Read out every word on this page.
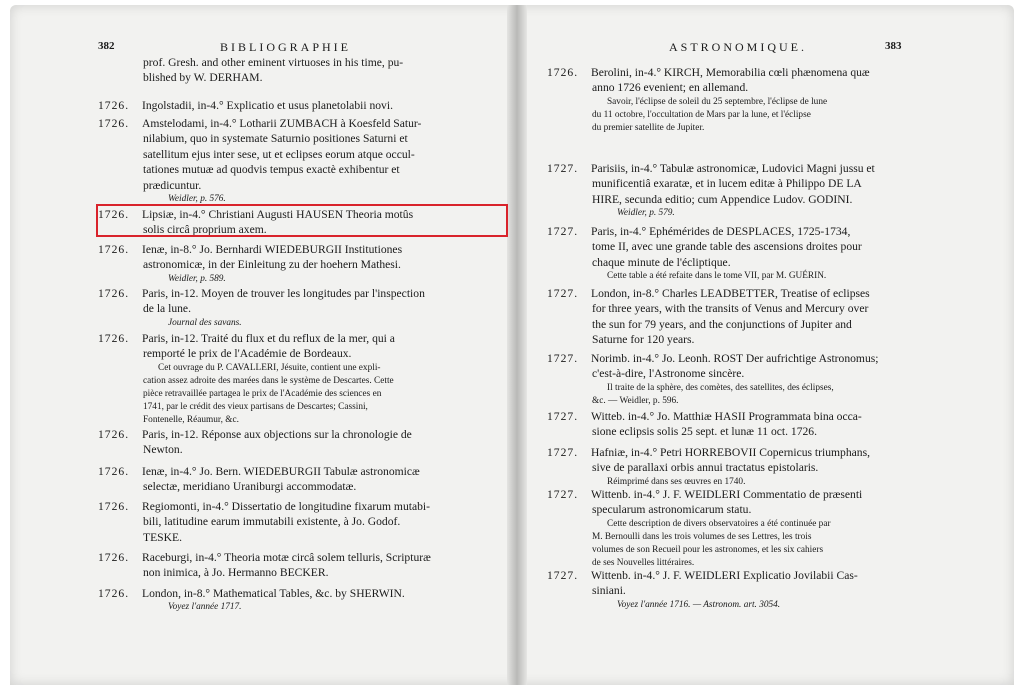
382	BIBLIOGRAPHIE
prof. Gresh. and other eminent virtuoses in his time, pu-
blished by W. DERHAM.
1726. Ingolstadii, in-4.° Explicatio et usus planetolabii novi.
1726. Amstelodami, in-4.° Lotharii ZUMBACH à Koesfeld Satur-
nilabium, quo in systemate Saturnio positiones Saturni et
satellitum ejus inter sese, ut et eclipses eorum atque occul-
tationes mutuæ ad quodvis tempus exactè exhibentur et
prædicuntur.
Weidler, p. 576.
1726. Lipsiæ, in-4.° Christiani Augusti HAUSEN Theoria motûs
solis circâ proprium axem.
1726. Ienæ, in-8.° Jo. Bernhardi WIEDEBURGII Institutiones
astronomicæ, in der Einleitung zu der hoehern Mathesi.
Weidler, p. 589.
1726. Paris, in-12. Moyen de trouver les longitudes par l'inspection
de la lune.
Journal des savans.
1726. Paris, in-12. Traité du flux et du reflux de la mer, qui a
remporté le prix de l'Académie de Bordeaux.
Cet ouvrage du P. CAVALLERI, Jésuite, contient une expli-
cation assez adroite des marées dans le système de Descartes. Cette
pièce retravaillée partagea le prix de l'Académie des sciences en
1741, par le crédit des vieux partisans de Descartes; Cassini,
Fontenelle, Réaumur, &c.
1726. Paris, in-12. Réponse aux objections sur la chronologie de
Newton.
1726. Ienæ, in-4.° Jo. Bern. WIEDEBURGII Tabulæ astronomicæ
selectæ, meridiano Uraniburgi accommodatæ.
1726. Regiomonti, in-4.° Dissertatio de longitudine fixarum mutabi-
bili, latitudine earum immutabili existente, à Jo. Godof.
TESKE.
1726. Raceburgi, in-4.° Theoria motæ circâ solem telluris, Scripturæ
non inimica, à Jo. Hermanno BECKER.
1726. London, in-8.° Mathematical Tables, &c. by SHERWIN.
Voyez l'année 1717.
ASTRONOMIQUE.	383
1726. Berolini, in-4.° KIRCH, Memorabilia cœli phænomena quæ
anno 1726 evenient; en allemand.
Savoir, l'éclipse de soleil du 25 septembre, l'éclipse de lune
du 11 octobre, l'occultation de Mars par la lune, et l'éclipse
du premier satellite de Jupiter.
1727. Parisiis, in-4.° Tabulæ astronomicæ, Ludovici Magni jussu et
munificentiâ exaratæ, et in lucem editæ à Philippo DE LA
HIRE, secunda editio; cum Appendice Ludov. GODINI.
Weidler, p. 579.
1727. Paris, in-4.° Ephémérides de DESPLACES, 1725-1734,
tome II, avec une grande table des ascensions droites pour
chaque minute de l'écliptique.
Cette table a été refaite dans le tome VII, par M. GUÉRIN.
1727. London, in-8.° Charles LEADBETTER, Treatise of eclipses
for three years, with the transits of Venus and Mercury over
the sun for 79 years, and the conjunctions of Jupiter and
Saturne for 120 years.
1727. Norimb. in-4.° Jo. Leonh. ROST Der aufrichtige Astronomus;
c'est-à-dire, l'Astronome sincère.
Il traite de la sphère, des comètes, des satellites, des éclipses,
&c. — Weidler, p. 596.
1727. Witteb. in-4.° Jo. Matthiæ HASII Programmata bina occa-
sione eclipsis solis 25 sept. et lunæ 11 oct. 1726.
1727. Hafniæ, in-4.° Petri HORREBOVII Copernicus triumphans,
sive de parallaxi orbis annui tractatus epistolaris.
Réimprimé dans ses œuvres en 1740.
1727. Wittenb. in-4.° J. F. WEIDLERI Commentatio de præsenti
specularum astronomicarum statu.
Cette description de divers observatoires a été continuée par
M. Bernoulli dans les trois volumes de ses Lettres, les trois
volumes de son Recueil pour les astronomes, et les six cahiers
de ses Nouvelles littéraires.
1727. Wittenb. in-4.° J. F. WEIDLERI Explicatio Jovilabii Cas-
siniani.
Voyez l'année 1716. — Astronom. art. 3054.
